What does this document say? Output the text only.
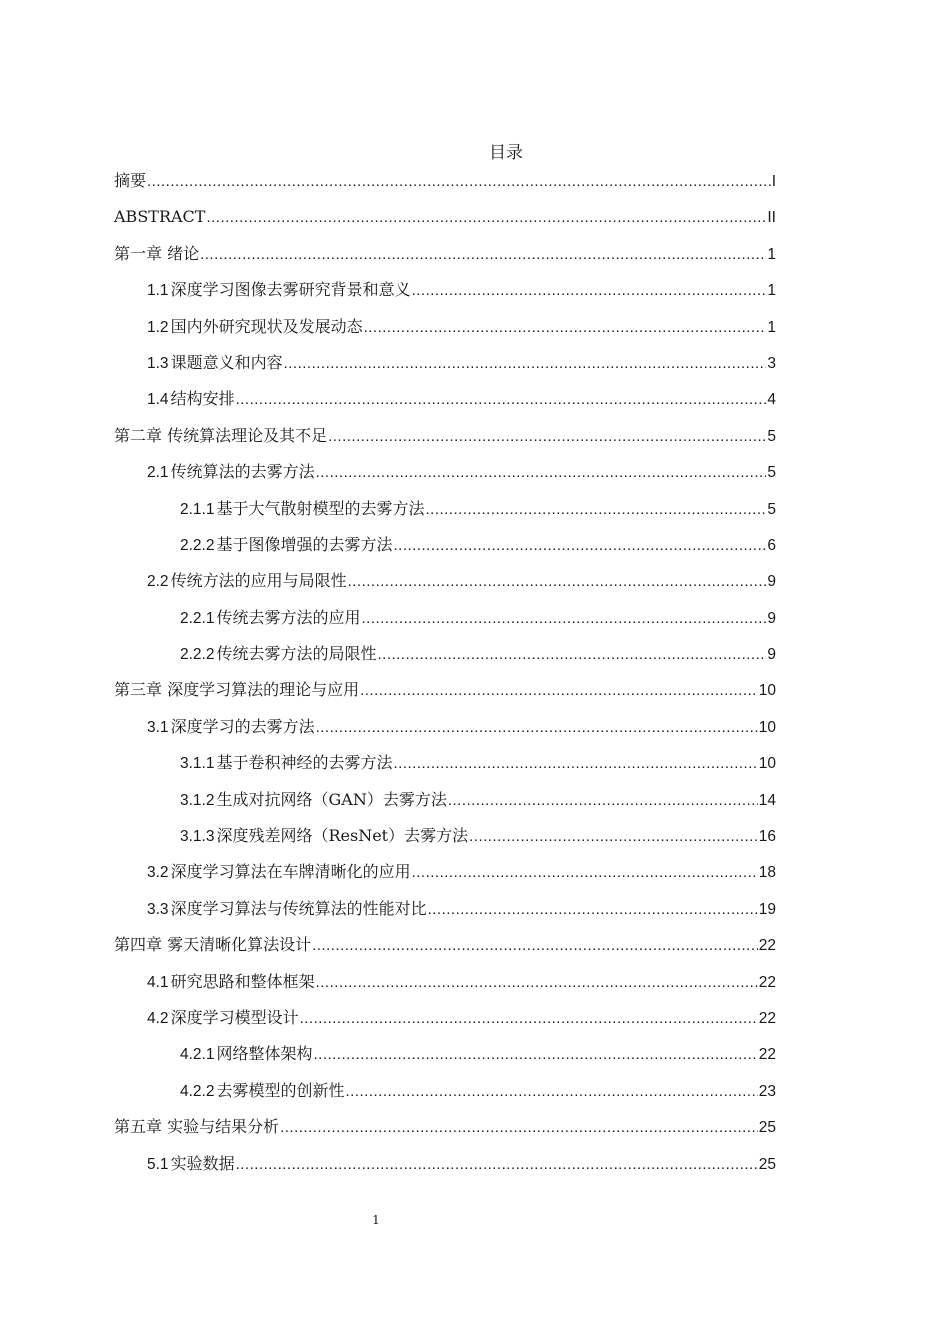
目录
摘要 .....	I
ABSTRACT .....	II
第一章 绪论 .....	1
1.1 深度学习图像去雾研究背景和意义 .....	1
1.2 国内外研究现状及发展动态 .....	1
1.3 课题意义和内容 .....	3
1.4 结构安排 .....	4
第二章 传统算法理论及其不足 .....	5
2.1 传统算法的去雾方法 .....	5
2.1.1 基于大气散射模型的去雾方法 .....	5
2.2.2 基于图像增强的去雾方法 .....	6
2.2 传统方法的应用与局限性 .....	9
2.2.1 传统去雾方法的应用 .....	9
2.2.2 传统去雾方法的局限性 .....	9
第三章 深度学习算法的理论与应用 .....	10
3.1 深度学习的去雾方法 .....	10
3.1.1 基于卷积神经的去雾方法 .....	10
3.1.2 生成对抗网络（GAN）去雾方法 .....	14
3.1.3 深度残差网络（ResNet）去雾方法 .....	16
3.2 深度学习算法在车牌清晰化的应用 .....	18
3.3 深度学习算法与传统算法的性能对比 .....	19
第四章 雾天清晰化算法设计 .....	22
4.1 研究思路和整体框架 .....	22
4.2 深度学习模型设计 .....	22
4.2.1 网络整体架构 .....	22
4.2.2 去雾模型的创新性 .....	23
第五章 实验与结果分析 .....	25
5.1 实验数据 .....	25
1
